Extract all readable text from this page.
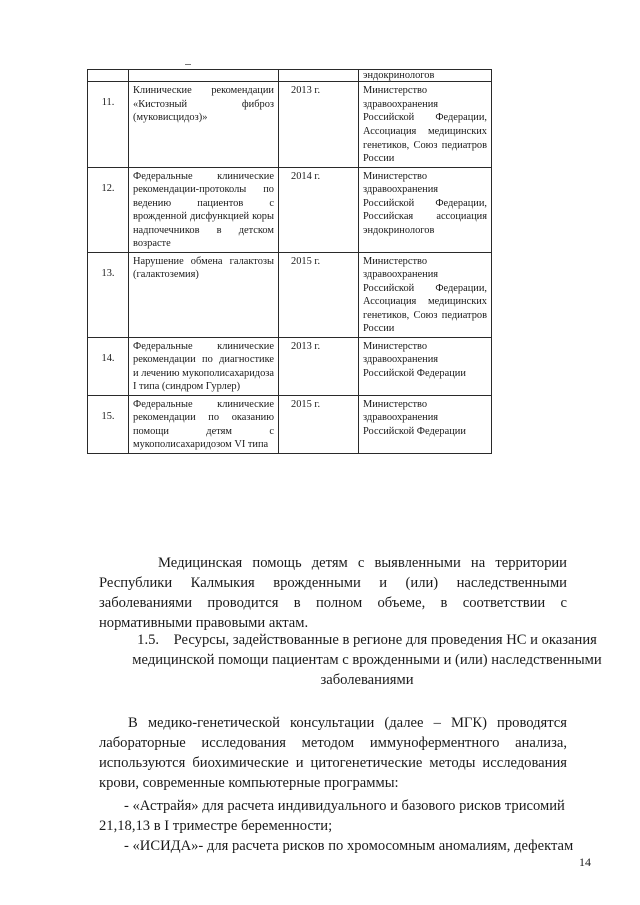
			эндокринологов
11.	Клинические рекомендации «Кистозный фиброз (муковисцидоз)»	2013 г.	Министерство здравоохранения Российской Федерации, Ассоциация медицинских генетиков, Союз педиатров России
12.	Федеральные клинические рекомендации-протоколы по ведению пациентов с врожденной дисфункцией коры надпочечников в детском возрасте	2014 г.	Министерство здравоохранения Российской Федерации, Российская ассоциация эндокринологов
13.	Нарушение обмена галактозы (галактоземия)	2015 г.	Министерство здравоохранения Российской Федерации, Ассоциация медицинских генетиков, Союз педиатров России
14.	Федеральные клинические рекомендации по диагностике и лечению мукополисахаридоза I типа (синдром Гурлер)	2013 г.	Министерство здравоохранения Российской Федерации
15.	Федеральные клинические рекомендации по оказанию помощи детям с мукополисахаридозом VI типа	2015 г.	Министерство здравоохранения Российской Федерации

Медицинская помощь детям с выявленными на территории Республики Калмыкия врожденными и (или) наследственными заболеваниями проводится в полном объеме, в соответствии с нормативными правовыми актам.

1.5. Ресурсы, задействованные в регионе для проведения НС и оказания медицинской помощи пациентам с врожденными и (или) наследственными заболеваниями

В медико-генетической консультации (далее – МГК) проводятся лабораторные исследования методом иммуноферментного анализа, используются биохимические и цитогенетические методы исследования крови, современные компьютерные программы:

- «Астрайя» для расчета индивидуального и базового рисков трисомий 21,18,13 в I триместре беременности;

- «ИСИДА»- для расчета рисков по хромосомным аномалиям, дефектам

14
